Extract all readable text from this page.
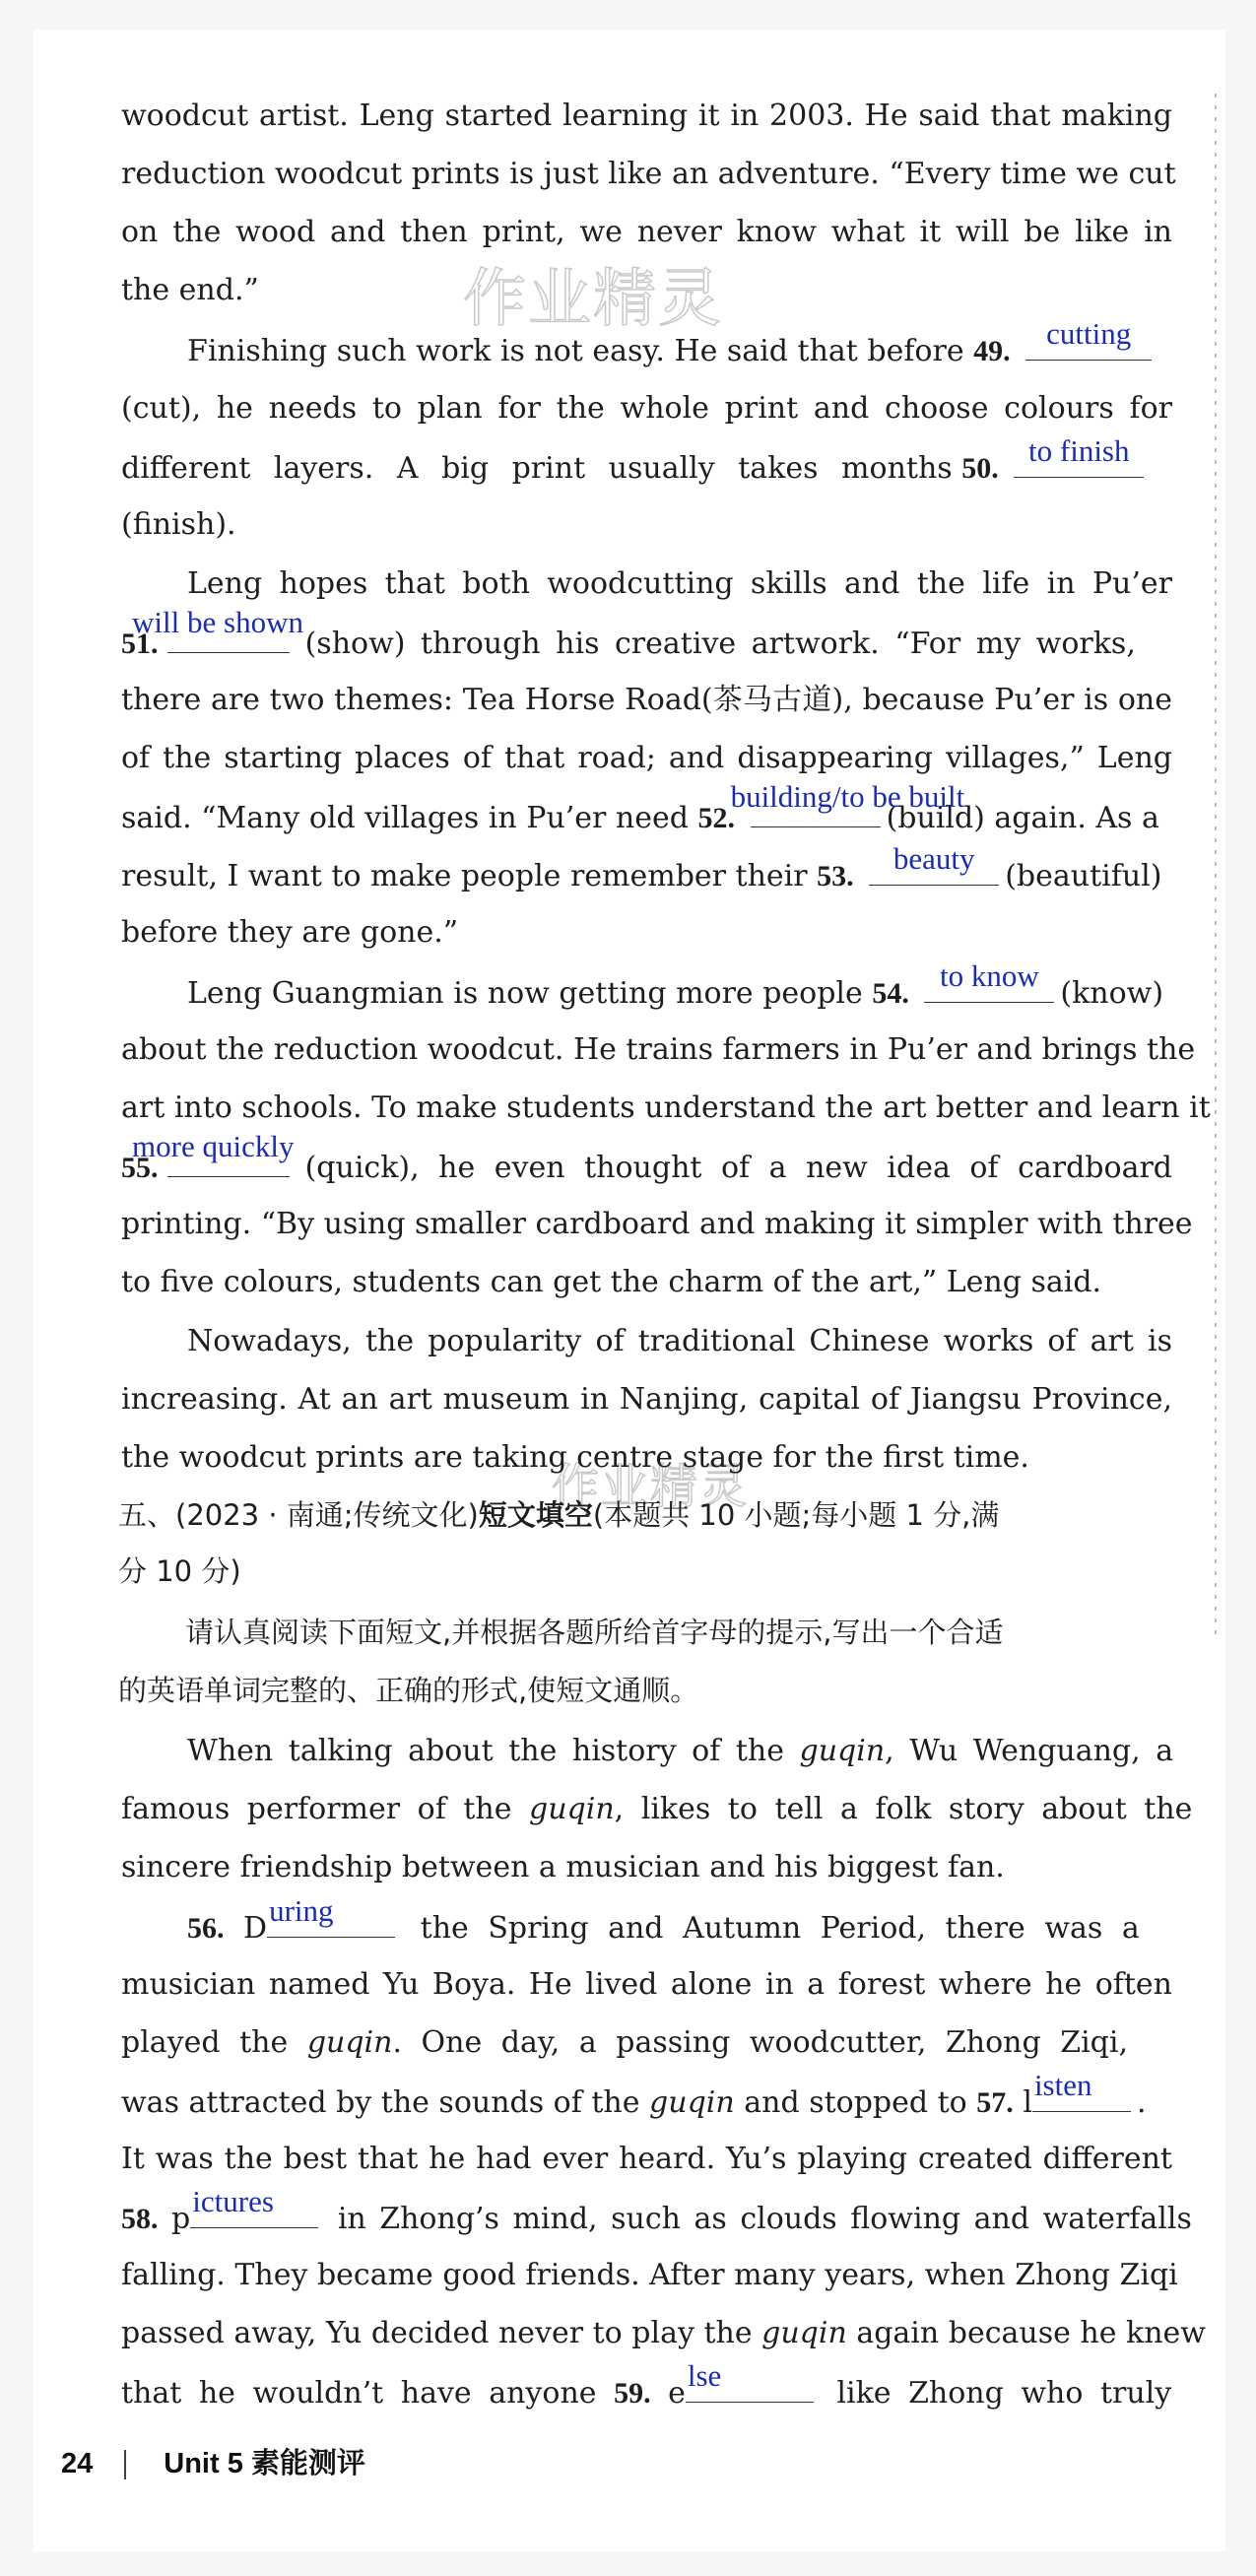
作业精灵
作业精灵
woodcut artist. Leng started learning it in 2003. He said that making
reduction woodcut prints is just like an adventure. “Every time we cut
on the wood and then print, we never know what it will be like in
the end.”
Finishing such work is not easy. He said that before 49.
cutting
(cut), he needs to plan for the whole print and choose colours for
different layers. A big print usually takes months 50.
to finish
(finish).
Leng hopes that both woodcutting skills and the life in Pu’er
51.
will be shown
(show) through his creative artwork. “For my works,
there are two themes: Tea Horse Road(茶马古道), because Pu’er is one
of the starting places of that road; and disappearing villages,” Leng
said. “Many old villages in Pu’er need 52.
building/to be built
(build) again. As a
result, I want to make people remember their 53.
beauty
(beautiful)
before they are gone.”
Leng Guangmian is now getting more people 54.
to know
(know)
about the reduction woodcut. He trains farmers in Pu’er and brings the
art into schools. To make students understand the art better and learn it
55.
more quickly
(quick), he even thought of a new idea of cardboard
printing. “By using smaller cardboard and making it simpler with three
to five colours, students can get the charm of the art,” Leng said.
Nowadays, the popularity of traditional Chinese works of art is
increasing. At an art museum in Nanjing, capital of Jiangsu Province,
the woodcut prints are taking centre stage for the first time.
五、(2023 · 南通;传统文化)短文填空(本题共 10 小题;每小题 1 分,满
分 10 分)
请认真阅读下面短文,并根据各题所给首字母的提示,写出一个合适
的英语单词完整的、正确的形式,使短文通顺。
When talking about the history of the guqin, Wu Wenguang, a
famous performer of the guqin, likes to tell a folk story about the
sincere friendship between a musician and his biggest fan.
56. D
uring
the Spring and Autumn Period, there was a
musician named Yu Boya. He lived alone in a forest where he often
played the guqin. One day, a passing woodcutter, Zhong Ziqi,
was attracted by the sounds of the guqin and stopped to 57. l
isten
.
It was the best that he had ever heard. Yu’s playing created different
58. p
ictures
in Zhong’s mind, such as clouds flowing and waterfalls
falling. They became good friends. After many years, when Zhong Ziqi
passed away, Yu decided never to play the guqin again because he knew
that he wouldn’t have anyone 59. e
lse
like Zhong who truly
24 Unit 5 素能测评
